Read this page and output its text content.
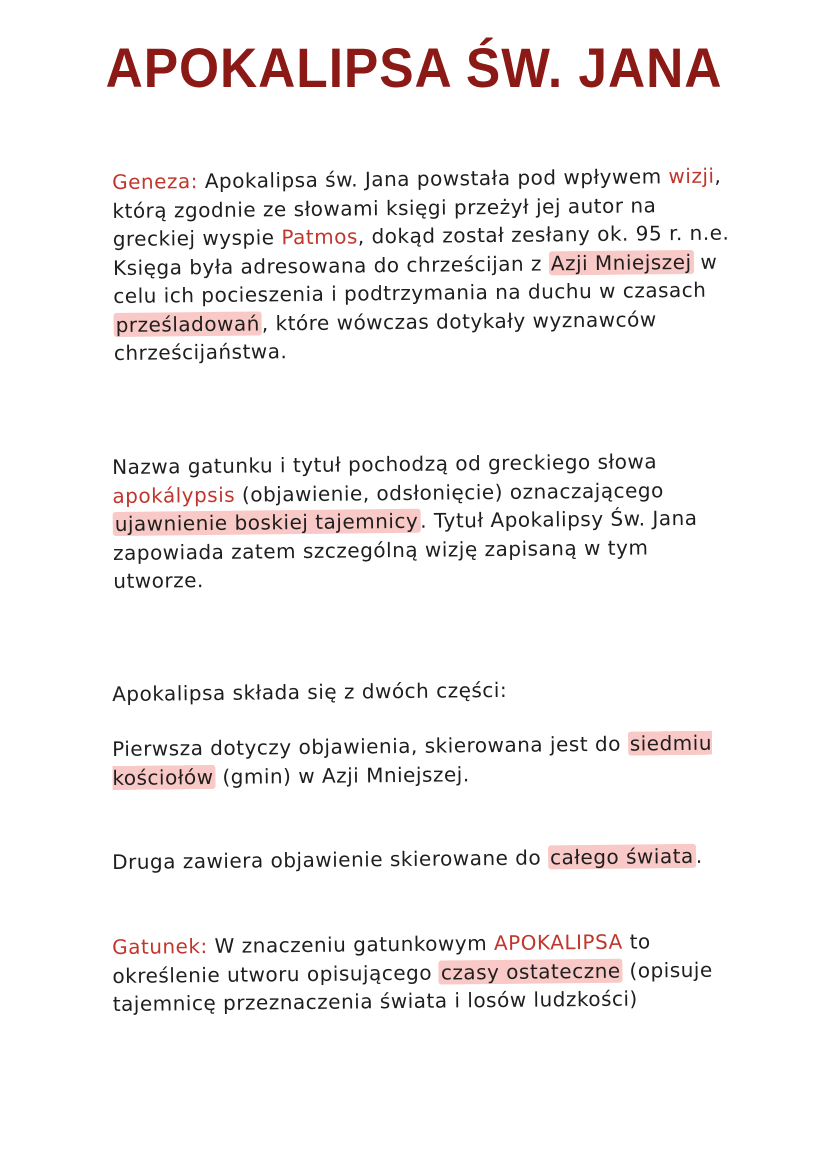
APOKALIPSA ŚW. JANA
Geneza: Apokalipsa św. Jana powstała pod wpływem wizji, którą zgodnie ze słowami księgi przeżył jej autor na greckiej wyspie Patmos, dokąd został zesłany ok. 95 r. n.e. Księga była adresowana do chrześcijan z Azji Mniejszej w celu ich pocieszenia i podtrzymania na duchu w czasach prześladowań, które wówczas dotykały wyznawców chrześcijaństwa.
Nazwa gatunku i tytuł pochodzą od greckiego słowa apokálypsis (objawienie, odsłonięcie) oznaczającego ujawnienie boskiej tajemnicy. Tytuł Apokalipsy Św. Jana zapowiada zatem szczególną wizję zapisaną w tym utworze.
Apokalipsa składa się z dwóch części:
Pierwsza dotyczy objawienia, skierowana jest do siedmiu kościołów (gmin) w Azji Mniejszej.
Druga zawiera objawienie skierowane do całego świata.
Gatunek: W znaczeniu gatunkowym APOKALIPSA to określenie utworu opisującego czasy ostateczne (opisuje tajemnicę przeznaczenia świata i losów ludzkości)
